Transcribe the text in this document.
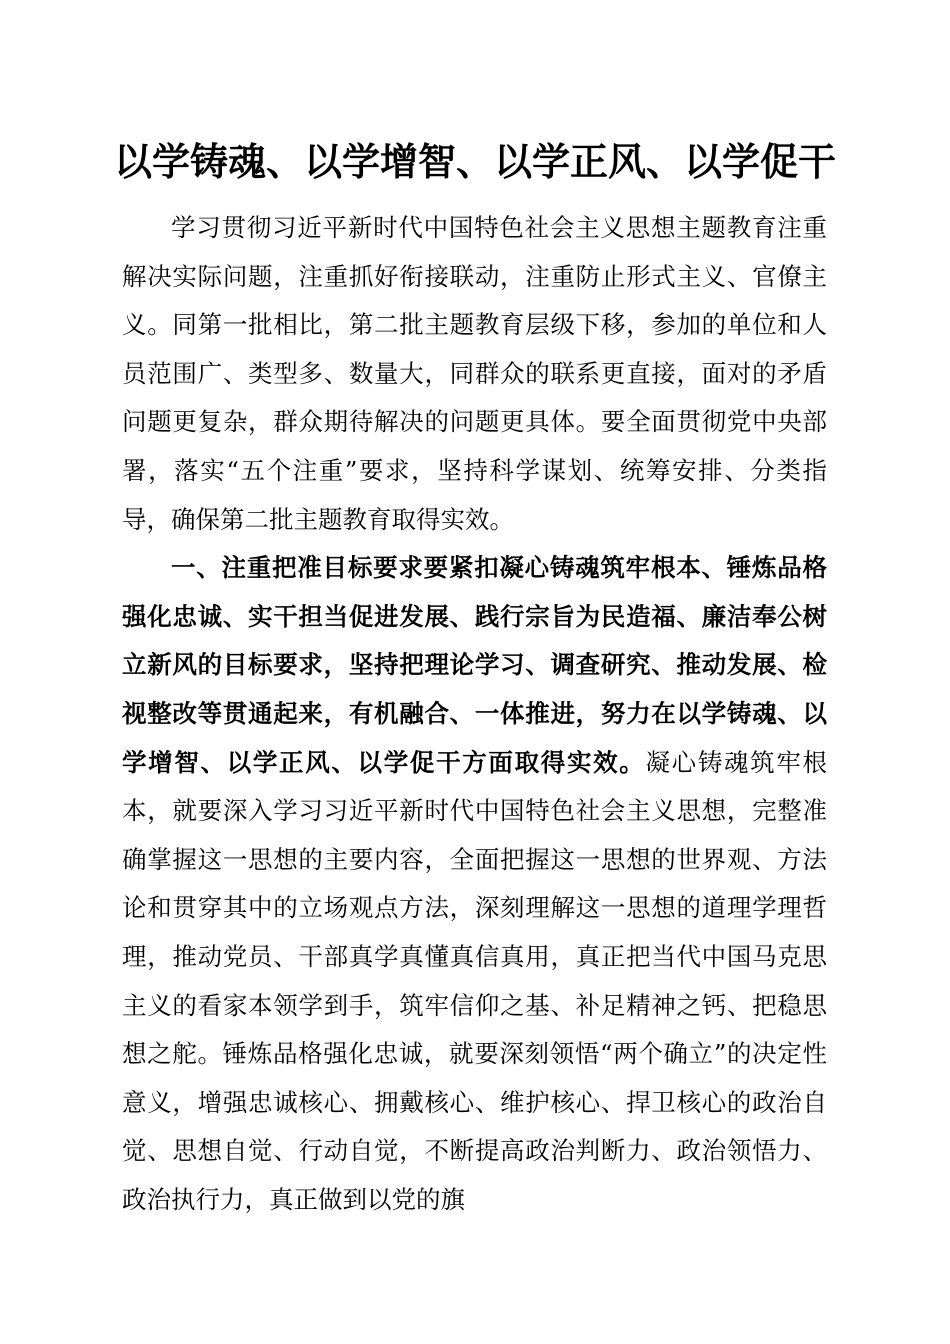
以学铸魂、以学增智、以学正风、以学促干

学习贯彻习近平新时代中国特色社会主义思想主题教育注重解决实际问题，注重抓好衔接联动，注重防止形式主义、官僚主义。同第一批相比，第二批主题教育层级下移，参加的单位和人员范围广、类型多、数量大，同群众的联系更直接，面对的矛盾问题更复杂，群众期待解决的问题更具体。要全面贯彻党中央部署，落实“五个注重”要求，坚持科学谋划、统筹安排、分类指导，确保第二批主题教育取得实效。

一、注重把准目标要求要紧扣凝心铸魂筑牢根本、锤炼品格强化忠诚、实干担当促进发展、践行宗旨为民造福、廉洁奉公树立新风的目标要求，坚持把理论学习、调查研究、推动发展、检视整改等贯通起来，有机融合、一体推进，努力在以学铸魂、以学增智、以学正风、以学促干方面取得实效。凝心铸魂筑牢根本，就要深入学习习近平新时代中国特色社会主义思想，完整准确掌握这一思想的主要内容，全面把握这一思想的世界观、方法论和贯穿其中的立场观点方法，深刻理解这一思想的道理学理哲理，推动党员、干部真学真懂真信真用，真正把当代中国马克思主义的看家本领学到手，筑牢信仰之基、补足精神之钙、把稳思想之舵。锤炼品格强化忠诚，就要深刻领悟“两个确立”的决定性意义，增强忠诚核心、拥戴核心、维护核心、捍卫核心的政治自觉、思想自觉、行动自觉，不断提高政治判断力、政治领悟力、政治执行力，真正做到以党的旗
